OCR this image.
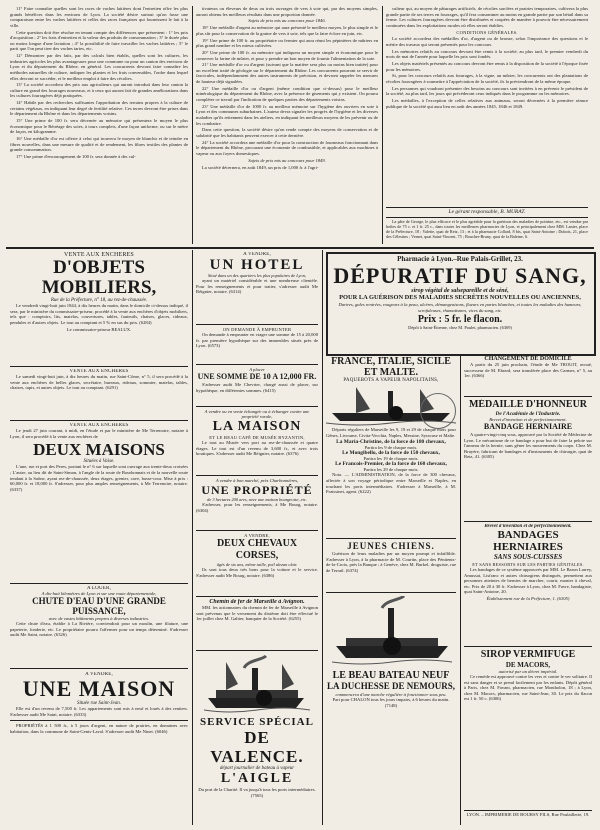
11° Faire connaître quelles sont les races de vaches laitières dont l'entretien offre les plus grands bénéfices dans les environs de Lyon. La société désire surtout qu'on fasse une comparaison entre les vaches laitières et celles des races françaises qui fournissent le lait à la ville.

Cette question doit être résolue en tenant compte des différences que présentent : 1° les prix d'acquisition ; 2° les frais d'entretien et la valeur des produits de consommation ; 3° le durée plus ou moins longue d'une lactation ; 4° la possibilité de faire travailler les vaches laitières ; 5° le parti que l'on peut tirer des vaches taries, etc.

12° Démontrer par des faits, par des calculs bien établis, quelles sont les cultures, les industries agricoles les plus avantageuses pour une commune ou pour un canton des environs de Lyon et du département du Rhône, en général. Les concurrents devront faire connaître les méthodes naturelles de culture, indiquer les plantes et les frais convenables, l'ordre dans lequel elles devront se succéder, et le meilleur emploi à faire des récoltes.

13° La société accordera des prix aux agriculteurs qui auront introduit dans leur canton la culture en grand des fourrages nouveaux, et à ceux qui auront fait de grandes améliorations dans les cultures fourragères déjà pratiquées.

14° Habile par des recherches suffisantes l'approbation des terrains propres à la culture de certains végétaux, en indiquant leur degré de fertilité relative. Ces terres devront être prises dans le département du Rhône et dans les départements voisins.

15° Une prime de 100 fr. sera décernée au mémoire qui présentera le moyen le plus économique pour le Rétréage des soies, à tours complets, d'une façon uniforme, ou sur le mètre de façon, en kilogramme.

16° Une médaille d'or est offerte à celui qui trouvera le moyen de blanchir et de teindre en fibres nouvelles, dans une mesure de qualité et de rendement, les fibres textiles des plantes de grande consommation.

17° Une prime d'encouragement de 100 fr. sera donnée à des cul-

tivateurs ou éleveurs de deux ou trois ouvrages de vers à soie qui, par des moyens simples, auront obtenu les meilleurs résultats dans une proportion donnée.

Sujets de prix mis au concours pour 1846.

18° Une médaille d'argent au mémoire qui aura présenté le meilleur moyen, le plus simple et le plus sûr pour la conservation de la graine de vers à soie, tels que la faire éclore en juin, etc.

19° Une prime de 100 fr. au propriétaire ou fermier qui aura réuni les pépinières de mûriers en plus grand nombre et les mieux cultivées.

20° Une prime de 100 fr. au mémoire qui indiquera un moyen simple et économique pour le conserver la farine de mûrier, et pour y prendre un bon moyen de fournir l'alimentation de la soie.

21° Une médaille d'or ou d'argent (suivant que la matière sera plus ou moins bien traitée) pour un excellent traité de géologie sur le département du Rhône. Les concurrents pourront se servir de fascicules, indépendamment des autres instruments de précision, et devront rappeler les mesures de hauteur déjà signalées.

22° Une médaille d'or ou d'argent (même condition que ci-dessus) pour le meilleur minéralogique du département du Rhône, avec la présence de gisements qui y existent. On pourra compléter ce travail par l'indication de quelques parties des départements voisins.

23° Une médaille d'or de 1000 fr. au meilleur mémoire sur l'hygiène des ouvriers en soie à Lyon et des communes suburbaines. L'auteur devra signaler les progrès de l'hygiène et les diverses maladies qu'ils retiennent dans les ateliers, en indiquant les meilleurs moyens de les prévenir ou de les combattre.

Dans cette question, la société désire qu'on rende compte des moyens de conservation et de salubrité que les habitants peuvent exercer à cette dernière.

24° La société accordera une médaille d'or pour la construction de fourneaux fonctionnant dans le département du Rhône, procurant une économie de combustible, et applicables aux machines à vapeur ou aux foyers domestiques.

Sujets de prix mis au concours pour 1849.

La société décernera, en août 1849, un prix de 1,000 fr. à l'agri-

culteur qui, au moyen de pâturages artificiels, de récoltes sarclées et prairies temporaires, cultivera la plus grande partie de ses terres en fourrages, qu'il fera consommer au moins en grande partie par son bétail dans sa ferme. Les cultures fourragères devront être distribuées et coupées de manière à pouvoir être nécessairement continuées dans les exploitations rurales où elles seront établies.

CONDITIONS GÉNÉRALES.

La société accordera des médailles d'or, d'argent ou de bronze, selon l'importance des questions et le mérite des travaux qui seront présentés pour les concours.

Les mémoires relatifs au concours devront être remis à la société, au plus tard, le premier vendredi du mois de mai de l'année pour laquelle les prix sont fondés.

Les objets matériels présentés au concours devront être remis à la disposition de la société à l'époque fixée pour les mémoires.

Si, pour les concours relatifs aux fourrages, à la vigne, au mûrier, les concurrents ont des plantations de récoltes fourragères à soumettre à l'appréciation de la société, ils la préviendront de la même époque.

Les personnes qui voudront présenter des besoins au concours sont invitées à en prévenir le président de la société, au plus tard, les jours qui précéderont ceux indiqués dans le programme ou les mémoires.

Les médailles, à l'exception de celles relatives aux animaux, seront décernées à la première séance publique de la société qui aura lieu en août des années 1845, 1846 et 1849.

Le gérant responsable, B. MURAT.

La pâte de George, le plus efficace et le plus agréable pour la guérison des maladies de poitrine, etc., est vendue par boîtes de 75 c. et 1 fr. 25 c., dans toutes les meilleures pharmacies de Lyon, et principalement chez MM. Lanier, place de la Préfecture, 18 ; Valette, quai de Retz, 13 ; et à la pharmacie Collard, 8 bis, quai Saint-Antoine ; Dubois, 21, place des Célestins ; Vernet, quai Saint-Vincent, 75 ; Boucher-Bruny, quai de la Baleine, 6.

VENTE AUX ENCHÈRES
D'OBJETS MOBILIERS,
Rue de la Préfecture, n° 18, au rez-de-chaussée.

Le vendredi vingt-huit juin 1844, à dix heures du matin, dans le domicile ci-dessus indiqué, il sera, par le ministère du commissaire-priseur, procédé à la vente aux enchères d'objets mobiliers, tels que : comptoirs, lits, matelas, couvertures, tables, fauteuils, chaises, glaces, rideaux, pendules et d'autres objets. Le tout au comptant et 5 % en sus du prix. (6284)

Le commissaire-priseur BEALUX.
VENTE AUX ENCHÈRES

Le samedi vingt-huit juin, à dix heures du matin, rue Saint-Côme, n° 5, il sera procédé à la vente aux enchères de belles glaces, secrétaire, bureaux, rideaux, sommier, matelas, tables, chaises, tapis, et autres objets. Le tout au comptant. (6291)

VENTE AUX ENCHÈRES

Le jeudi 27 juin courant, à midi, en l'étude et par le ministère de Me Terrenoire, notaire à Lyon, il sera procédé à la vente aux enchères de

DEUX MAISONS
Situées à Vaise.

L'une, rue et port des Peres, portant le n° 6 sur laquelle sont ouvrage aux trente-deux croisées ; L'autre, au lieu dit de Saint-Simon, à l'angle de la route de Bourbonnais et de la nouvelle route tendant à la Saône, ayant rez-de-chaussée, deux étages, grenier, cave, basse-cour. Mise à prix : 60,000 fr. et 18,000 fr. S'adresser, pour plus amples renseignements, à Me Terrenoire, notaire. (6337)

A LOUER,
A dix-huit kilomètres de Lyon et sur une route départementale,
CHUTE D'EAU D'UNE GRANDE PUISSANCE,
avec de vastes bâtiments propres à diverses industries.

Cette chute d'eau, établie à La Rivière, conviendrait pour un moulin, une filature, une papeterie, fonderie, etc. Le propriétaire pourra l'affermer pour un temps déterminé. S'adresser audit Me Saint, notaire. (6326)

A VENDRE,
UNE MAISON
Située rue Saint-Jean.

Elle est d'un revenu de 7,500 fr. Les appartements sont mis à neuf et loués à des rentiers. S'adresser audit Me Saint, notaire. (6333)

PROPRIÉTÉS à 1 500 fr., à 5 jours d'argent, en nature de prairies, en domaines avec habitation, dans la commune de Saint-Genis-Laval. S'adresser audit Me Ninet. (6046)

A VENDRE,
UN HOTEL
Situé dans un des quartiers les plus populaires de Lyon,

ayant un matériel considérable et une nombreuse clientèle. Pour les renseignements et pour traiter, s'adresser audit Me Réignier, notaire. (6314)

ON DEMANDE À EMPRUNTER

On demande à emprunter en viager une somme de 15 à 20,000 fr. par première hypothèque sur des immeubles situés près de Lyon. (6573)

A placer
UNE SOMME DE 10 A 12,000 FR.

S'adresser audit Me Chevrier, chargé aussi de placer, sur hypothèque, en différentes sommes. (6415)

A vendre ou en vente échangée ou à échanger contre une propriété rurale,
LA MAISON
ET LE BEAU CAFÉ DE MUSÉE BYZANTIN,

Le tout au Musée vers port au rez-de-chaussée et quatre étages. Le tout est d'un revenu de 3,600 fr., et avec trois boutiques. S'adresser audit Me Réignier, notaire. (6376)

A vendre à bon marché, près Charbonnières,
UNE PROPRIÉTÉ
de 3 hectares 200 ares, avec une maison bourgeoise, etc.

S'adresser, pour les renseignements, à Me Bourg, notaire. (6304)

A VENDRE,
DEUX CHEVAUX CORSES,
âgés de six ans, même taille, poil alezan clair.

Ils sont tous deux très bons pour la voiture et le service. S'adresser audit Me Bourg, notaire. (6386)

Chemin de fer de Marseille à Avignon.

MM. les actionnaires du chemin de fer de Marseille à Avignon sont prévenus que le versement du dixième doit être effectué le 1er juillet chez M. Galtier, banquier de la Société. (6255)

SERVICE SPÉCIAL
DE VALENCE.
départ journalier de bateau à vapeur
L'AIGLE

Du port de la Charité. Il va jusqu'à tous les ports intermédiaires. (7565)

Pharmacie à Lyon.–Rue Palais-Grillet, 23.
DÉPURATIF DU SANG,
sirop végétal de salsepareille et de séné,
POUR LA GUÉRISON DES MALADIES SECRÈTES NOUVELLES OU ANCIENNES,

Dartres, gales rentrées, rougeurs à la peau, ulcères, démangeaisons, flueurs en partes blanches, et toutes les maladies des humeurs, scrofuleuses, rhumatismes, vices du sang, etc.

Prix : 5 fr. le flacon.
Dépôt à Saint-Étienne, chez M. Paulet, pharmacien. (6309)
FRANCE, ITALIE, SICILE ET MALTE.
PAQUEBOTS A VAPEUR NAPOLITAINS,

Départs réguliers de Marseille les 9, 19 et 29 de chaque mois pour Gênes, Livourne, Civita-Vecchia, Naples, Messine, Syracuse et Malte.

La Maria-Christine, de la force de 180 chevaux,
Partira les 9 de chaque mois.
Le Mongibello, de la force de 150 chevaux,
Partira les 19 de chaque mois.
Le Francois-Premier, de la force de 160 chevaux,
Partira les 29 de chaque mois.

Nota. — L'ADMINISTRATION, de la force de 300 chevaux, affectée à son voyage périodique entre Marseille et Naples, en touchant les ports intermédiaires. S'adresser à Marseille, à M. Fraissinet, agent. (6222)

JEUNES CHIENS.

Guérison de leurs maladies par un moyen prompt et infaillible. S'adresser à Lyon, à la pharmacie de M. Courtin, place des Pénitents-de-la-Croix, près la Banque ; à Genève, chez M. Burkel, droguiste, rue de Terrail. (6374)

LE BEAU BATEAU NEUF
LA DUCHESSE DE NEMOURS,
commencera d'une marche régulière à fonctionner sous peu.

Part pour CHALON tous les jours impairs, à 6 heures du matin. (7148)

CHANGEMENT DE DOMICILE

A partir du 25 juin prochain, l'étude de Me TROUIT, avoué, successeur de M. Ebrard, sera transférée place des Carmes, n° 5, au 1er. (6366)

MÉDAILLE D'HONNEUR
De l'Académie de l'Industrie.
Brevet d'invention et de perfectionnement.
BANDAGE HERNIAIRE

A quatre-vingt-cinq sous, approuvé par la Société de Médecine de Lyon. Le mécanisme de ce bandage a pour but de faire la pelote sur l'anneau de la hernie, sans gêner les mouvements du corps. Chez M. Bruyère, fabricant de bandages et d'instruments de chirurgie, quai de Retz, 41. (6305)

Brevet d'invention et de perfectionnement.
BANDAGES HERNIAIRES
SANS SOUS-CUISSES
ET SANS RESSORTS SUR LES PARTIES GÉNITALES.

Les bandages de ce système approuvés par MM. Le Baron Larrey, Amussat, Lisfranc et autres chirurgiens distingués, permettent aux personnes atteintes de hernies de marcher, courir, monter à cheval, etc. Prix de 20 à 30 fr. S'adresser à Lyon, chez M. Favre, bandagiste, quai Saint-Antoine, 20.

Établissement rue de la Préfecture, 1. (6305)
SIROP VERMIFUGE
DE MACORS,
autorisé par un décret impérial.

Ce remède est approuvé contre les vers et contre le ver solitaire. Il est sans danger et se prend facilement par les enfants. Dépôt général à Paris, chez M. Favant, pharmacien, rue Montholon, 18 ; à Lyon, chez M. Macors, pharmacien, rue Saint-Jean, 30. Le prix du flacon est 1 fr. 50 c. (6306)

LYON. – IMPRIMERIE DE BOURSY FILS, Rue Poulaillerie, 19.
